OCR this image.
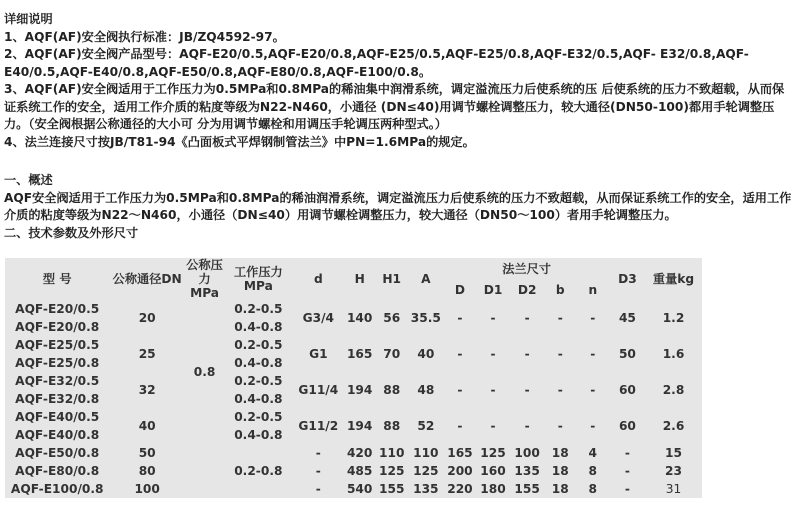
详细说明
1、AQF(AF)安全阀执行标准：JB/ZQ4592-97。
2、AQF(AF)安全阀产品型号：AQF-E20/0.5,AQF-E20/0.8,AQF-E25/0.5,AQF-E25/0.8,AQF-E32/0.5,AQF- E32/0.8,AQF-E40/0.5,AQF-E40/0.8,AQF-E50/0.8,AQF-E80/0.8,AQF-E100/0.8。
3、AQF(AF)安全阀适用于工作压力为0.5MPa和0.8MPa的稀油集中润滑系统，调定溢流压力后使系统的压 后使系统的压力不致超载，从而保证系统工作的安全，适用工作介质的粘度等级为N22-N460，小通径 (DN≤40)用调节螺栓调整压力，较大通径(DN50-100)都用手轮调整压力。（安全阀根据公称通径的大小可 分为用调节螺栓和用调压手轮调压两种型式。）
4、法兰连接尺寸按JB/T81-94《凸面板式平焊钢制管法兰》中PN=1.6MPa的规定。
一、概述
AQF安全阀适用于工作压力为0.5MPa和0.8MPa的稀油润滑系统，调定溢流压力后使系统的压力不致超载，从而保证系统工作的安全，适用工作介质的粘度等级为N22～N460，小通径（DN≤40）用调节螺栓调整压力，较大通径（DN50～100）者用手轮调整压力。
二、技术参数及外形尺寸
型 号	公称通径DN	公称压力MPa	工作压力MPa	d	H	H1	A	法兰尺寸					D3	重量kg
								D	D1	D2	b	n		
AQF-E20/0.5	20	0.8	0.2-0.5	G3/4	140	56	35.5	-	-	-	-	-	45	1.2
AQF-E20/0.8			0.4-0.8											
AQF-E25/0.5	25		0.2-0.5	G1	165	70	40	-	-	-	-	-	50	1.6
AQF-E25/0.8			0.4-0.8											
AQF-E32/0.5	32		0.2-0.5	G11/4	194	88	48	-	-	-	-	-	60	2.8
AQF-E32/0.8			0.4-0.8											
AQF-E40/0.5	40		0.2-0.5	G11/2	194	88	52	-	-	-	-	-	60	2.6
AQF-E40/0.8			0.4-0.8											
AQF-E50/0.8	50		0.2-0.8	-	420	110	110	165	125	100	18	4	-	15
AQF-E80/0.8	80			-	485	125	125	200	160	135	18	8	-	23
AQF-E100/0.8	100			-	540	155	135	220	180	155	18	8	-	31
